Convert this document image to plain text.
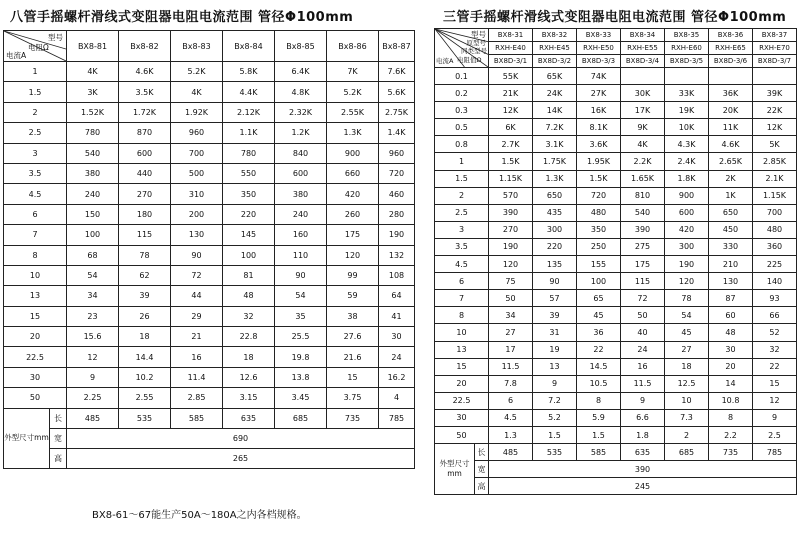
八管手摇螺杆滑线式变阻器电阻电流范围 管径Φ100mm	三管手摇螺杆滑线式变阻器电阻电流范围 管径Φ100mm
型号
电阻Ω
电流A		BX8-81	Bx8-82	Bx8-83	Bx8-84	Bx8-85	Bx8-86	Bx8-87
1		4K	4.6K	5.2K	5.8K	6.4K	7K	7.6K
1.5		3K	3.5K	4K	4.4K	4.8K	5.2K	5.6K
2		1.52K	1.72K	1.92K	2.12K	2.32K	2.55K	2.75K
2.5		780	870	960	1.1K	1.2K	1.3K	1.4K
3		540	600	700	780	840	900	960
3.5		380	440	500	550	600	660	720
4.5		240	270	310	350	380	420	460
6		150	180	200	220	240	260	280
7		100	115	130	145	160	175	190
8		68	78	90	100	110	120	132
10		54	62	72	81	90	99	108
13		34	39	44	48	54	59	64
15		23	26	29	32	35	38	41
20		15.6	18	21	22.8	25.5	27.6	30
22.5		12	14.4	16	18	19.8	21.6	24
30		9	10.2	11.4	12.6	13.8	15	16.2
50		2.25	2.55	2.85	3.15	3.45	3.75	4
外型尺寸mm	长	485	535	585	635	685	735	785
	宽	690						
	高	265						
型号
原型号
同类型号
电阻值Ω
电流A		BX8-31	BX8-32	BX8-33	BX8-34	BX8-35	BX8-36	BX8-37
		RXH-E40	RXH-E45	RXH-E50	RXH-E55	RXH-E60	RXH-E65	RXH-E70
		BX8D-3/1	BX8D-3/2	BX8D-3/3	BX8D-3/4	BX8D-3/5	BX8D-3/6	BX8D-3/7
0.1		55K	65K	74K				
0.2		21K	24K	27K	30K	33K	36K	39K
0.3		12K	14K	16K	17K	19K	20K	22K
0.5		6K	7.2K	8.1K	9K	10K	11K	12K
0.8		2.7K	3.1K	3.6K	4K	4.3K	4.6K	5K
1		1.5K	1.75K	1.95K	2.2K	2.4K	2.65K	2.85K
1.5		1.15K	1.3K	1.5K	1.65K	1.8K	2K	2.1K
2		570	650	720	810	900	1K	1.15K
2.5		390	435	480	540	600	650	700
3		270	300	350	390	420	450	480
3.5		190	220	250	275	300	330	360
4.5		120	135	155	175	190	210	225
6		75	90	100	115	120	130	140
7		50	57	65	72	78	87	93
8		34	39	45	50	54	60	66
10		27	31	36	40	45	48	52
13		17	19	22	24	27	30	32
15		11.5	13	14.5	16	18	20	22
20		7.8	9	10.5	11.5	12.5	14	15
22.5		6	7.2	8	9	10	10.8	12
30		4.5	5.2	5.9	6.6	7.3	8	9
50		1.3	1.5	1.5	1.8	2	2.2	2.5
外型尺寸mm	长	485	535	585	635	685	735	785
	宽	390						
	高	245						
BX8-61～67能生产50A～180A之内各档规格。
